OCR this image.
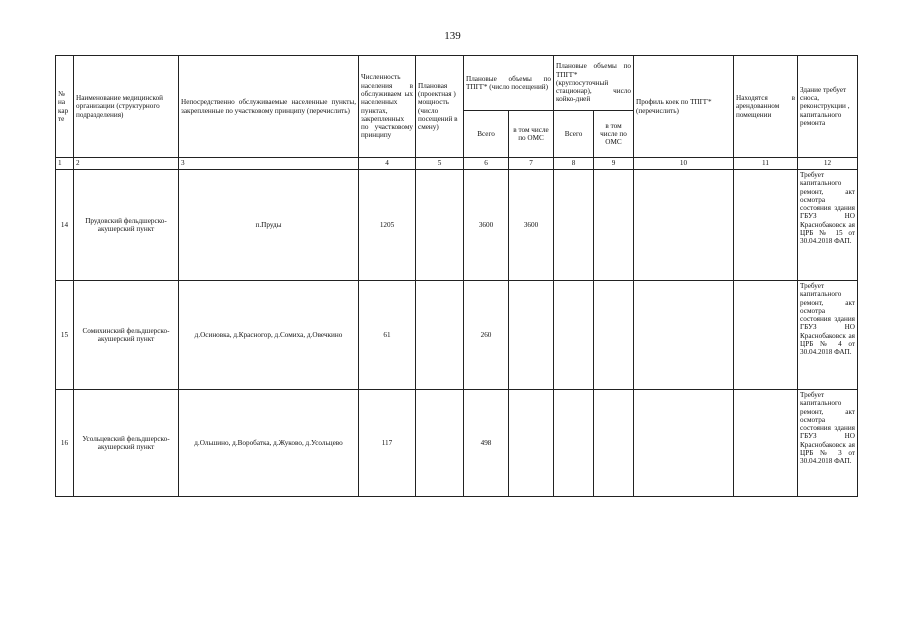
139
№ на кар те	Наименование медицинской организации (структурного подразделения)	Непосредственно обслуживаемые населенные пункты, закрепленные по участковому принципу (перечислить)	Численность населения в обслуживаем ых населенных пунктах, закрепленных по участковому принципу	Плановая (проектная ) мощность (число посещений в смену)	Плановые объемы по ТПГГ* (число посещений)		Плановые объемы по ТПГГ* (круглосуточный стационар), число койко-дней		Профиль коек по ТПГГ* (перечислить)	Находятся в арендованном помещении	Здание требует сноса, реконструкции , капитального ремонта
					Всего	в том числе по ОМС	Всего	в том числе по ОМС			
1	2	3	4	5	6	7	8	9	10	11	12
14	Прудовский фельдшерско-акушерский пункт	п.Пруды	1205		3600	3600					Требует капитального ремонт, акт осмотра состояния здания ГБУЗ НО Краснобаковск ая ЦРБ № 15 от 30.04.2018 ФАП.
15	Сомихинский фельдшерско-акушерский пункт	д.Осиновка, д.Красногор, д.Сомиха, д.Овечкино	61		260						Требует капитального ремонт, акт осмотра состояния здания ГБУЗ НО Краснобаковск ая ЦРБ № 4 от 30.04.2018 ФАП.
16	Усольцевский фельдшерско-акушерский пункт	д.Ольшино, д.Воробатка, д.Жуково, д.Усольцево	117		498						Требует капитального ремонт, акт осмотра состояния здания ГБУЗ НО Краснобаковск ая ЦРБ № 3 от 30.04.2018 ФАП.
